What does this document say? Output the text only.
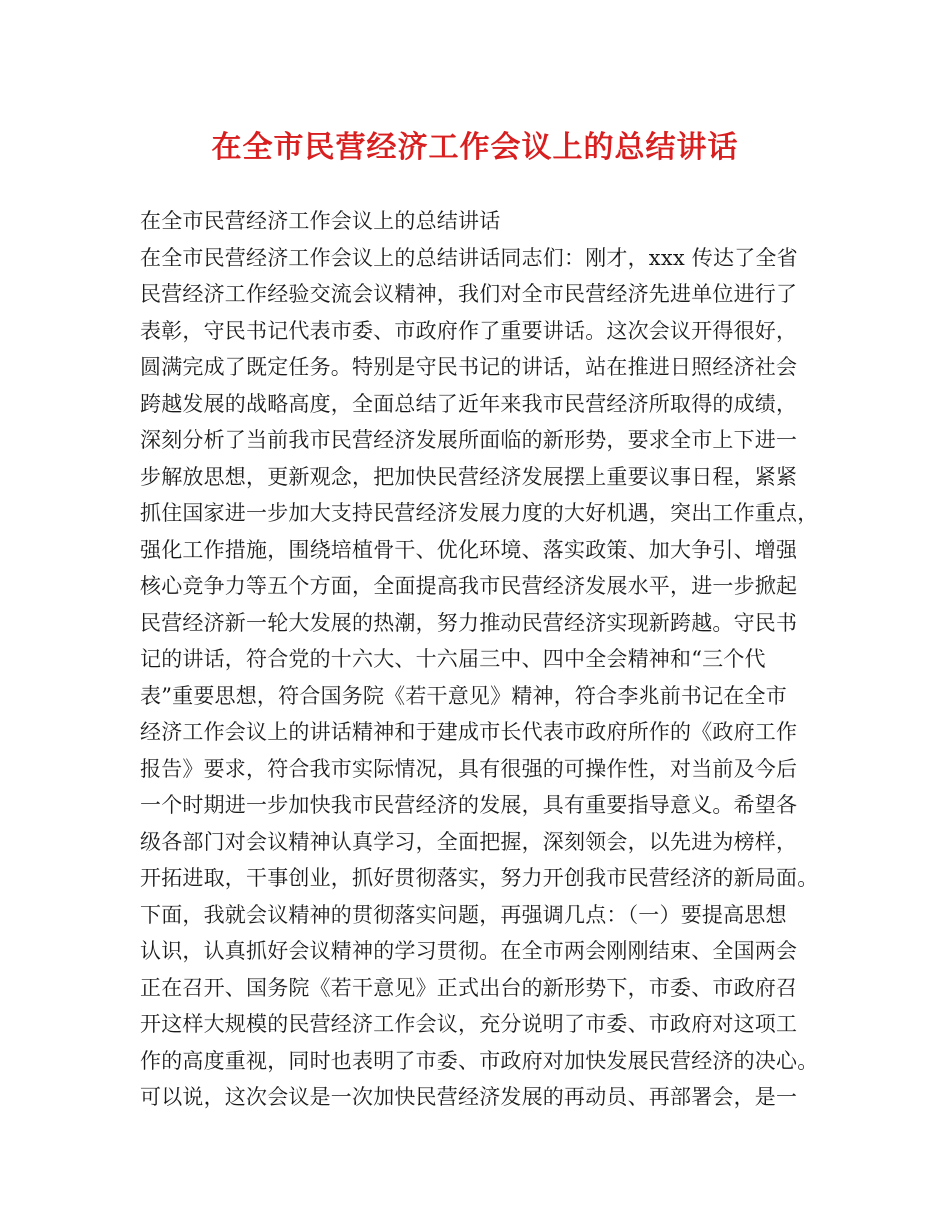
在全市民营经济工作会议上的总结讲话
在全市民营经济工作会议上的总结讲话
在全市民营经济工作会议上的总结讲话同志们：刚才，xxx 传达了全省
民营经济工作经验交流会议精神，我们对全市民营经济先进单位进行了
表彰，守民书记代表市委、市政府作了重要讲话。这次会议开得很好，
圆满完成了既定任务。特别是守民书记的讲话，站在推进日照经济社会
跨越发展的战略高度，全面总结了近年来我市民营经济所取得的成绩，
深刻分析了当前我市民营经济发展所面临的新形势，要求全市上下进一
步解放思想，更新观念，把加快民营经济发展摆上重要议事日程，紧紧
抓住国家进一步加大支持民营经济发展力度的大好机遇，突出工作重点，
强化工作措施，围绕培植骨干、优化环境、落实政策、加大争引、增强
核心竞争力等五个方面，全面提高我市民营经济发展水平，进一步掀起
民营经济新一轮大发展的热潮，努力推动民营经济实现新跨越。守民书
记的讲话，符合党的十六大、十六届三中、四中全会精神和“三个代
表”重要思想，符合国务院《若干意见》精神，符合李兆前书记在全市
经济工作会议上的讲话精神和于建成市长代表市政府所作的《政府工作
报告》要求，符合我市实际情况，具有很强的可操作性，对当前及今后
一个时期进一步加快我市民营经济的发展，具有重要指导意义。希望各
级各部门对会议精神认真学习，全面把握，深刻领会，以先进为榜样，
开拓进取，干事创业，抓好贯彻落实，努力开创我市民营经济的新局面。
下面，我就会议精神的贯彻落实问题，再强调几点：（一）要提高思想
认识，认真抓好会议精神的学习贯彻。在全市两会刚刚结束、全国两会
正在召开、国务院《若干意见》正式出台的新形势下，市委、市政府召
开这样大规模的民营经济工作会议，充分说明了市委、市政府对这项工
作的高度重视，同时也表明了市委、市政府对加快发展民营经济的决心。
可以说，这次会议是一次加快民营经济发展的再动员、再部署会，是一
